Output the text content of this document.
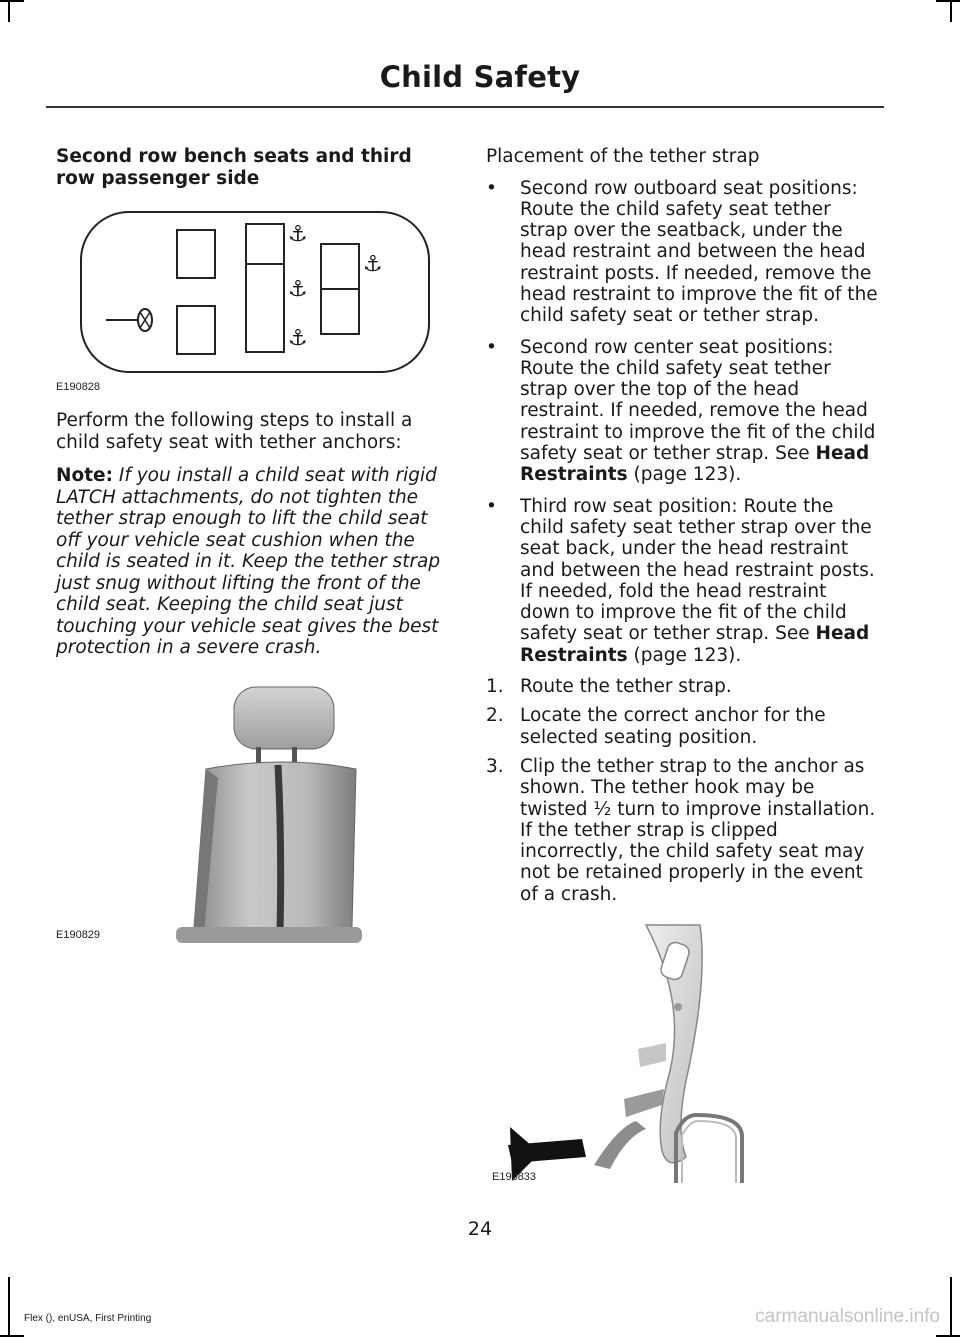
Child Safety
Second row bench seats and third row passenger side
⚓
⚓
⚓
⚓
E190828

Perform the following steps to install a child safety seat with tether anchors:

Note: If you install a child seat with rigid LATCH attachments, do not tighten the tether strap enough to lift the child seat off your vehicle seat cushion when the child is seated in it. Keep the tether strap just snug without lifting the front of the child seat. Keeping the child seat just touching your vehicle seat gives the best protection in a severe crash.

E190829

Placement of the tether strap

• Second row outboard seat positions: Route the child safety seat tether strap over the seatback, under the head restraint and between the head restraint posts. If needed, remove the head restraint to improve the fit of the child safety seat or tether strap.
• Second row center seat positions: Route the child safety seat tether strap over the top of the head restraint. If needed, remove the head restraint to improve the fit of the child safety seat or tether strap. See Head Restraints (page 123).
• Third row seat position: Route the child safety seat tether strap over the seat back, under the head restraint and between the head restraint posts. If needed, fold the head restraint down to improve the fit of the child safety seat or tether strap. See Head Restraints (page 123).
1. Route the tether strap.
2. Locate the correct anchor for the selected seating position.
3. Clip the tether strap to the anchor as shown. The tether hook may be twisted ½ turn to improve installation. If the tether strap is clipped incorrectly, the child safety seat may not be retained properly in the event of a crash.
E190833
24
Flex (), enUSA, First Printing	carmanualsonline.info
